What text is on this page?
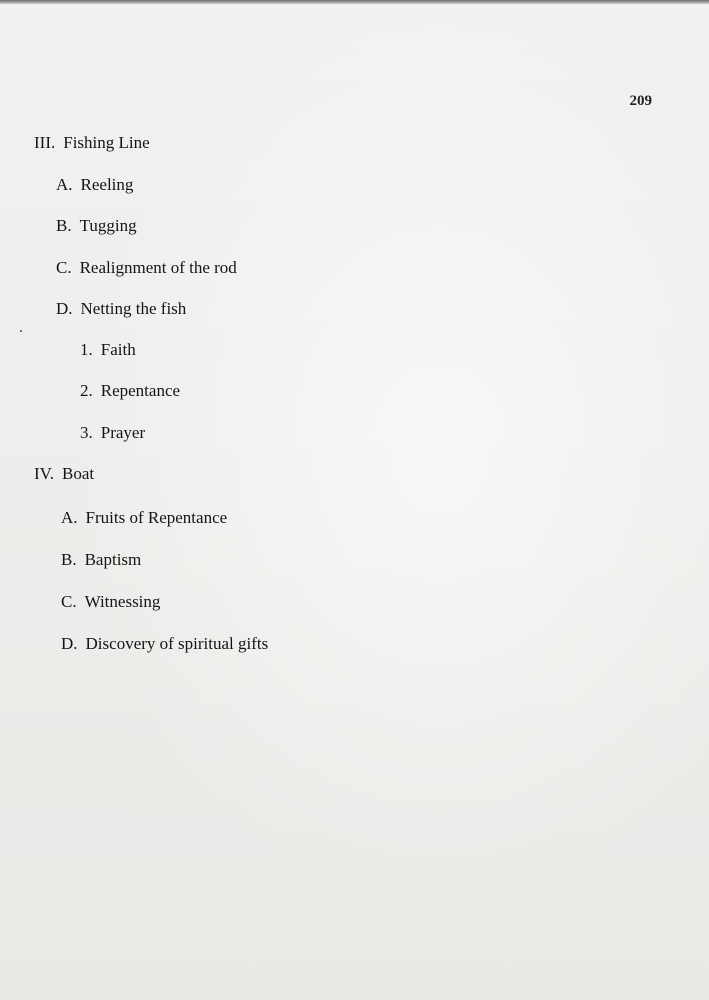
209
III. Fishing Line
A. Reeling
B. Tugging
C. Realignment of the rod
D. Netting the fish
1. Faith
2. Repentance
3. Prayer
IV. Boat
A. Fruits of Repentance
B. Baptism
C. Witnessing
D. Discovery of spiritual gifts
